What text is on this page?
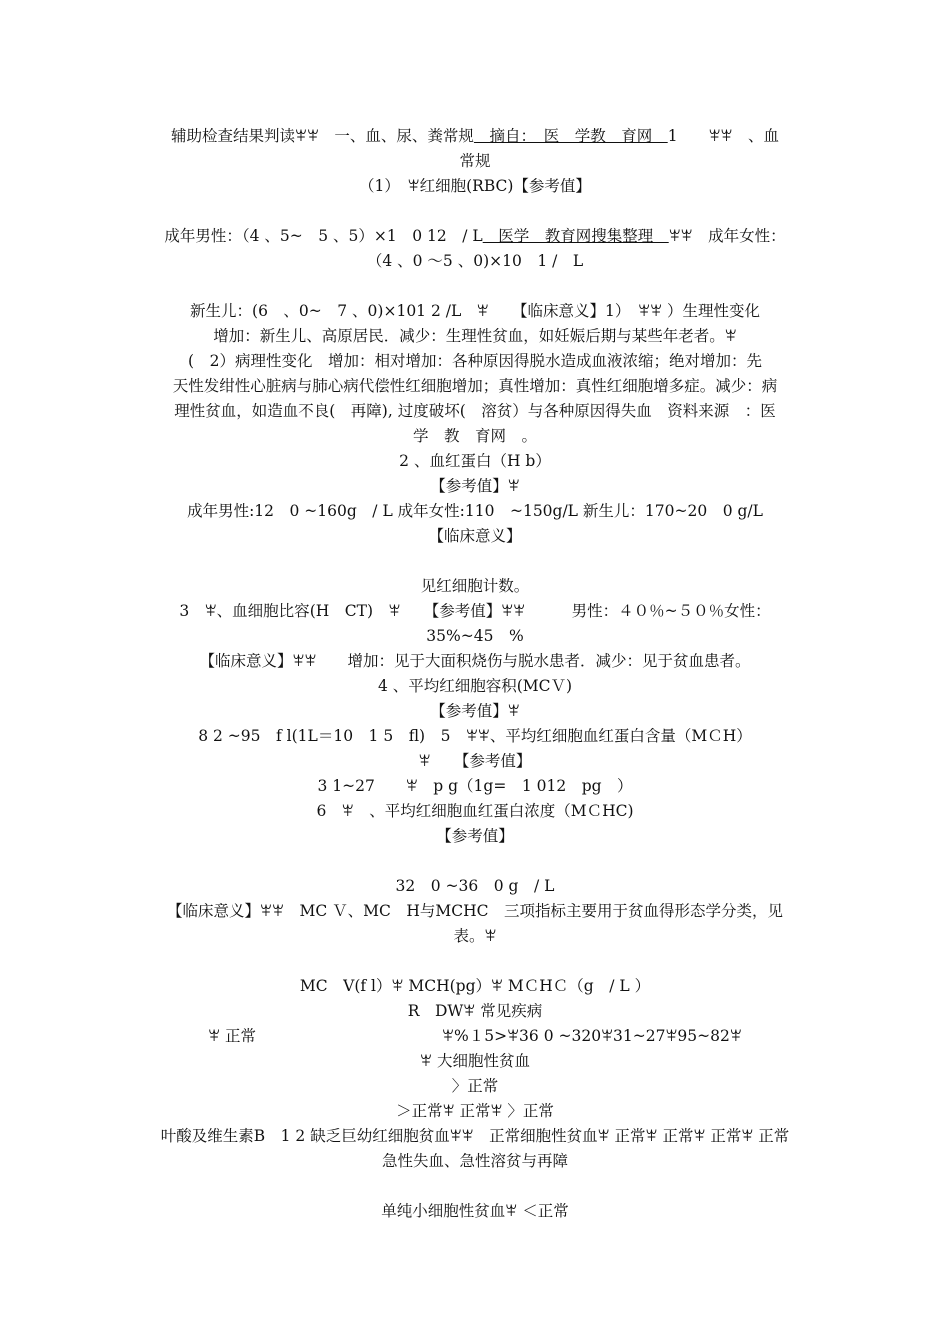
辅助检查结果判读ꕽꕽ　一、血、尿、粪常规　摘自：　医　学教　育网　1　　ꕽꕽ　、血
常规
（1）　ꕽ红细胞(RBC)【参考值】
成年男性：（4 、5~　5 、5）×1　0 12　/ L　医学　教育网搜集整理　ꕽꕽ　成年女性：
（4 、0 ～5 、0)×10　1 /　L
新生儿：(6　、0~　7 、0)×101 2 /L　ꕽ　　【临床意义】1）　ꕽꕽ ）生理性变化
增加：新生儿、高原居民．减少：生理性贫血，如妊娠后期与某些年老者。ꕽ
(　2）病理性变化　增加：相对增加：各种原因得脱水造成血液浓缩；绝对增加：先
天性发绀性心脏病与肺心病代偿性红细胞增加；真性增加：真性红细胞增多症。减少：病
理性贫血，如造血不良(　再障), 过度破坏(　溶贫）与各种原因得失血　资料来源　：医
学　教　育网　。
2 、血红蛋白（H b）
【参考值】ꕽ
成年男性:12　0 ~160g　/ L 成年女性:110　~150g/L 新生儿：170~20　0 g/L
【临床意义】
见红细胞计数。
3　ꕽ、血细胞比容(H　CT)　ꕽ　　【参考值】ꕽꕽ　　　男性：４０％~５０％女性：
35%~45　%
【临床意义】ꕽꕽ　　增加：见于大面积烧伤与脱水患者．减少：见于贫血患者。
4 、平均红细胞容积(MCＶ)
【参考值】ꕽ
8 2 ~95　f l(1L＝10　1 5　fl)　5　ꕽꕽ、平均红细胞血红蛋白含量（MＣH）
ꕽ　　【参考值】
3 1~27　　ꕽ　p g（1g=　1 012　pg　）
6　ꕽ　、平均红细胞血红蛋白浓度（MＣHC)
【参考值】
32　0 ~36　0 g　/ L
【临床意义】ꕽꕽ　MC Ｖ、MC　H与MCHC　三项指标主要用于贫血得形态学分类，见
表。ꕽ
MC　V(f l）ꕽ MCH(pg）ꕽ MＣHＣ（g　/ L ）
R　DWꕽ 常见疾病
ꕽ 正常　　　　　　　　　　　　ꕽ%１5>ꕽ36 0 ~320ꕽ31~27ꕽ95~82ꕽ
ꕽ 大细胞性贫血
〉正常
＞正常ꕽ 正常ꕽ 〉正常
叶酸及维生素B　1 2 缺乏巨幼红细胞贫血ꕽꕽ　正常细胞性贫血ꕽ 正常ꕽ 正常ꕽ 正常ꕽ 正常
急性失血、急性溶贫与再障
单纯小细胞性贫血ꕽ ＜正常
